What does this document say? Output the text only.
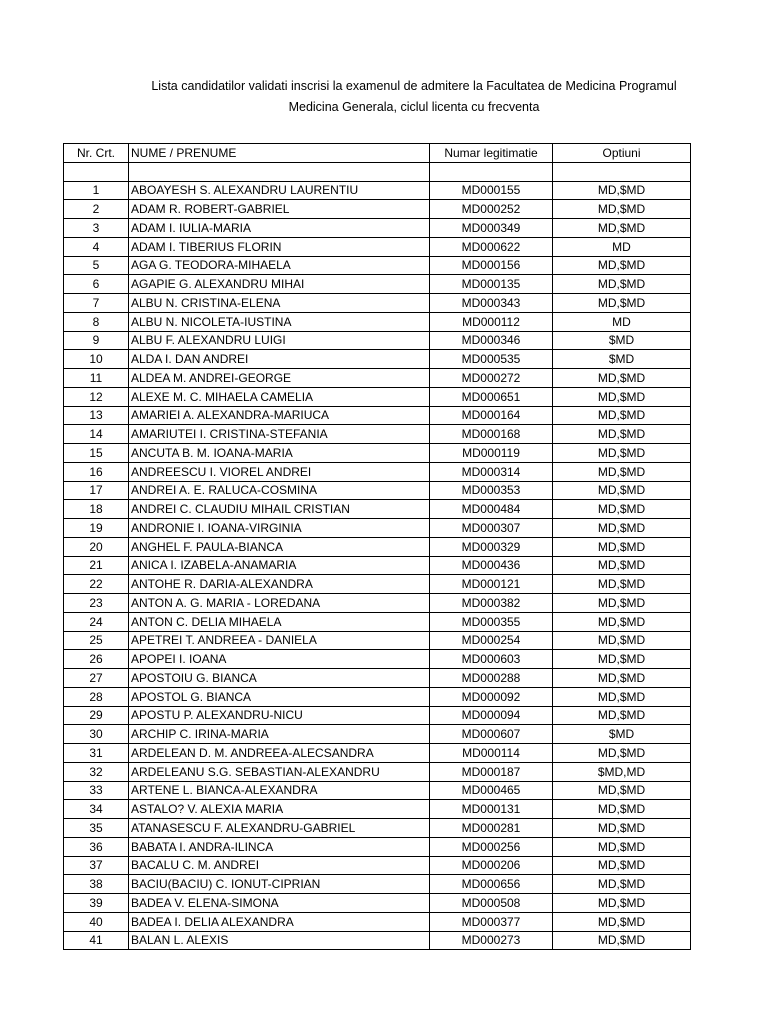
Lista candidatilor validati inscrisi la examenul de admitere la Facultatea de Medicina Programul
Medicina Generala, ciclul licenta cu frecventa
Nr. Crt.	NUME / PRENUME	Numar legitimatie	Optiuni

1	ABOAYESH S. ALEXANDRU LAURENTIU	MD000155	MD,$MD
2	ADAM R. ROBERT-GABRIEL	MD000252	MD,$MD
3	ADAM I. IULIA-MARIA	MD000349	MD,$MD
4	ADAM I. TIBERIUS FLORIN	MD000622	MD
5	AGA G. TEODORA-MIHAELA	MD000156	MD,$MD
6	AGAPIE G. ALEXANDRU MIHAI	MD000135	MD,$MD
7	ALBU N. CRISTINA-ELENA	MD000343	MD,$MD
8	ALBU N. NICOLETA-IUSTINA	MD000112	MD
9	ALBU F. ALEXANDRU LUIGI	MD000346	$MD
10	ALDA I. DAN ANDREI	MD000535	$MD
11	ALDEA M. ANDREI-GEORGE	MD000272	MD,$MD
12	ALEXE M. C. MIHAELA CAMELIA	MD000651	MD,$MD
13	AMARIEI A. ALEXANDRA-MARIUCA	MD000164	MD,$MD
14	AMARIUTEI I. CRISTINA-STEFANIA	MD000168	MD,$MD
15	ANCUTA B. M. IOANA-MARIA	MD000119	MD,$MD
16	ANDREESCU I. VIOREL ANDREI	MD000314	MD,$MD
17	ANDREI A. E. RALUCA-COSMINA	MD000353	MD,$MD
18	ANDREI C. CLAUDIU MIHAIL CRISTIAN	MD000484	MD,$MD
19	ANDRONIE I. IOANA-VIRGINIA	MD000307	MD,$MD
20	ANGHEL F. PAULA-BIANCA	MD000329	MD,$MD
21	ANICA I. IZABELA-ANAMARIA	MD000436	MD,$MD
22	ANTOHE R. DARIA-ALEXANDRA	MD000121	MD,$MD
23	ANTON A. G. MARIA - LOREDANA	MD000382	MD,$MD
24	ANTON C. DELIA MIHAELA	MD000355	MD,$MD
25	APETREI T. ANDREEA - DANIELA	MD000254	MD,$MD
26	APOPEI I. IOANA	MD000603	MD,$MD
27	APOSTOIU G. BIANCA	MD000288	MD,$MD
28	APOSTOL G. BIANCA	MD000092	MD,$MD
29	APOSTU P. ALEXANDRU-NICU	MD000094	MD,$MD
30	ARCHIP C. IRINA-MARIA	MD000607	$MD
31	ARDELEAN D. M. ANDREEA-ALECSANDRA	MD000114	MD,$MD
32	ARDELEANU S.G. SEBASTIAN-ALEXANDRU	MD000187	$MD,MD
33	ARTENE L. BIANCA-ALEXANDRA	MD000465	MD,$MD
34	ASTALO? V. ALEXIA MARIA	MD000131	MD,$MD
35	ATANASESCU F. ALEXANDRU-GABRIEL	MD000281	MD,$MD
36	BABATA I. ANDRA-ILINCA	MD000256	MD,$MD
37	BACALU C. M. ANDREI	MD000206	MD,$MD
38	BACIU(BACIU) C. IONUT-CIPRIAN	MD000656	MD,$MD
39	BADEA V. ELENA-SIMONA	MD000508	MD,$MD
40	BADEA I. DELIA ALEXANDRA	MD000377	MD,$MD
41	BALAN L. ALEXIS	MD000273	MD,$MD
